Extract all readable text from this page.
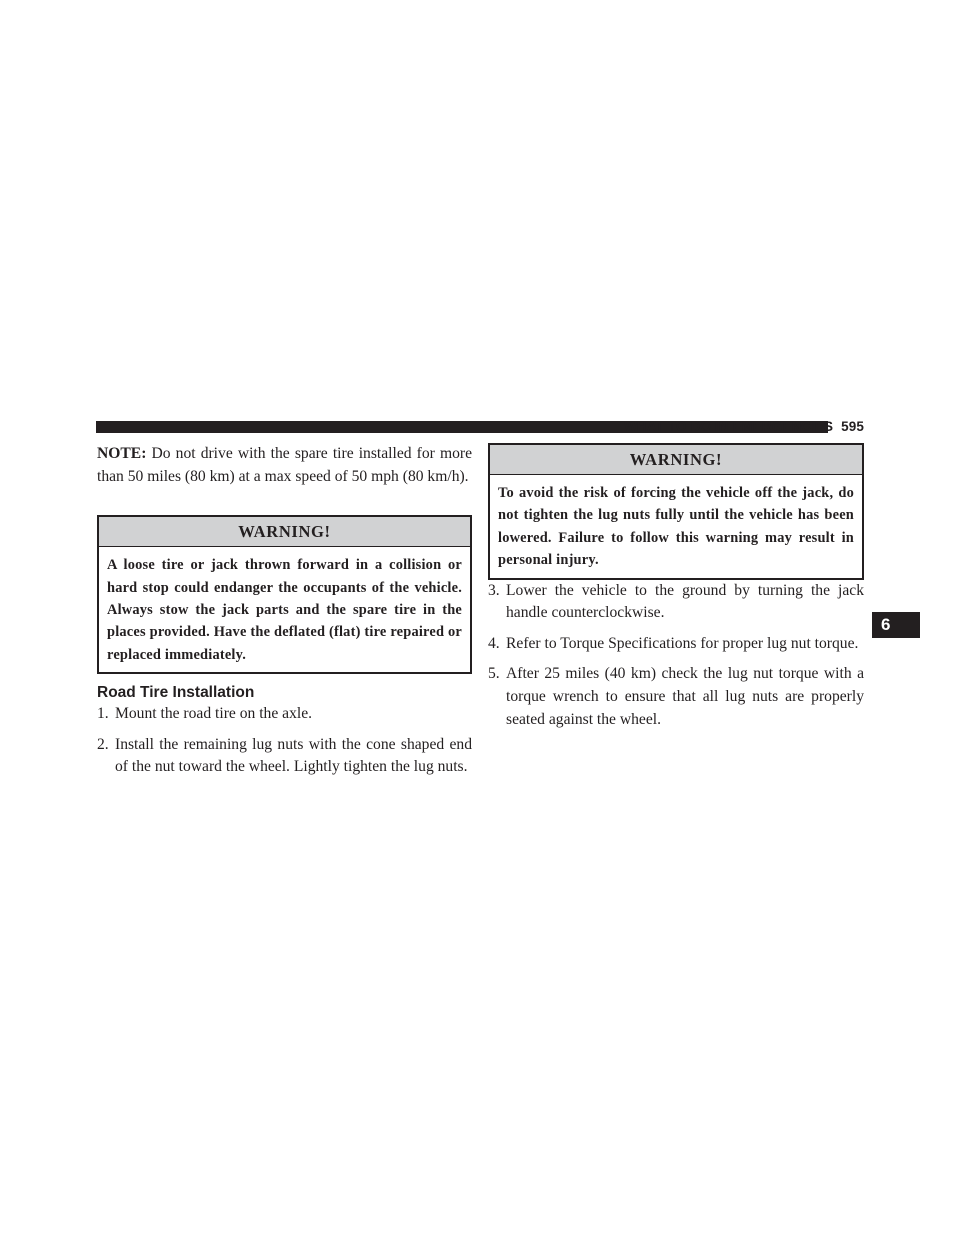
WHAT TO DO IN EMERGENCIES 595
6

NOTE: Do not drive with the spare tire installed for more than 50 miles (80 km) at a max speed of 50 mph (80 km/h).

WARNING!
A loose tire or jack thrown forward in a collision or hard stop could endanger the occupants of the vehicle. Always stow the jack parts and the spare tire in the places provided. Have the deflated (flat) tire repaired or replaced immediately.
Road Tire Installation
1. Mount the road tire on the axle.
2. Install the remaining lug nuts with the cone shaped end of the nut toward the wheel. Lightly tighten the lug nuts.
WARNING!
To avoid the risk of forcing the vehicle off the jack, do not tighten the lug nuts fully until the vehicle has been lowered. Failure to follow this warning may result in personal injury.
3. Lower the vehicle to the ground by turning the jack handle counterclockwise.
4. Refer to Torque Specifications for proper lug nut torque.
5. After 25 miles (40 km) check the lug nut torque with a torque wrench to ensure that all lug nuts are properly seated against the wheel.
